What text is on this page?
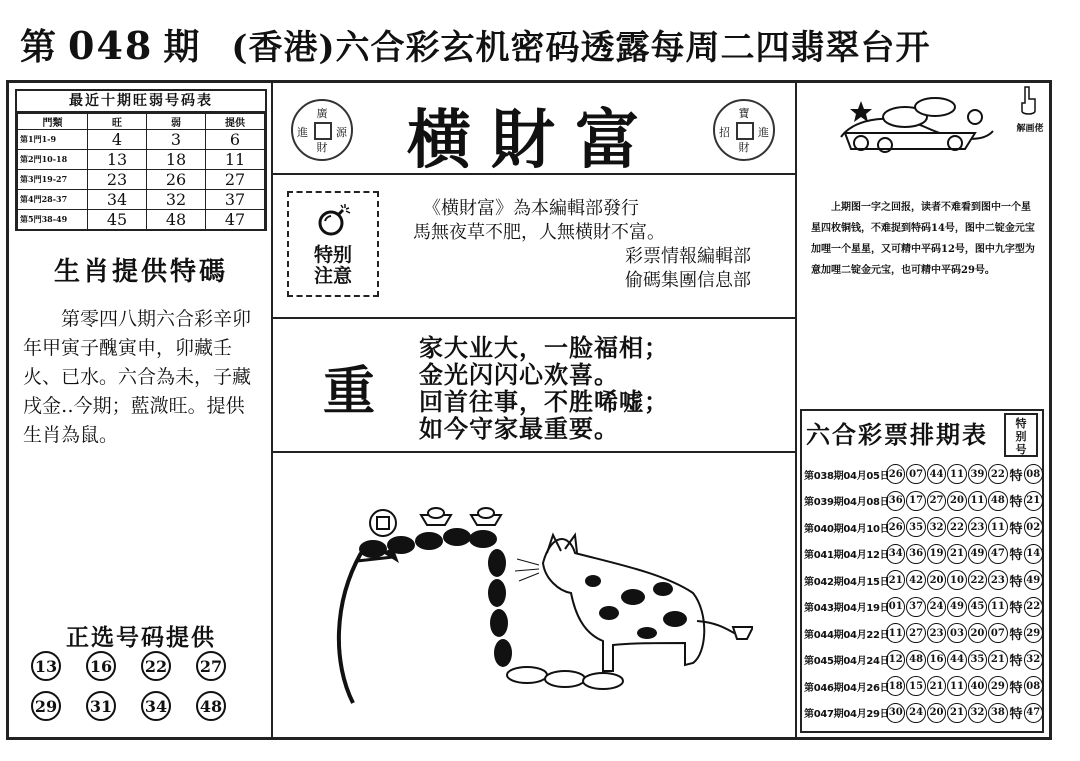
第 048 期 (香港)六合彩玄机密码透露每周二四翡翠台开
最近十期旺弱号码表
門類	旺	弱	提供
第1門1-9	4	3	6
第2門10-18	13	18	11
第3門19-27	23	26	27
第4門28-37	34	32	37
第5門38-49	45	48	47
生肖提供特碼
第零四八期六合彩辛卯年甲寅子醜寅申，卯藏壬火、已水。六合為未，子藏戌金‥今期；藍溦旺。提供生肖為鼠。
正选号码提供
13 16 22 27
29 31 34 48
廣
進	源
財	横財富	寶
招	進
財
特别
注意
《横財富》為本編輯部發行
馬無夜草不肥，人無横財不富。
彩票情報編輯部
偷碼集團信息部
重
家大业大，一脸福相；
金光闪闪心欢喜。
回首往事，不胜唏嘘；
如今守家最重要。
解画佬
上期图一字之回报，读者不难看到图中一个星星四枚铜钱，不难捉到特码14号，图中二锭金元宝加哩一个星星，又可精中平码12号，图中九字型为意加哩二锭金元宝，也可精中平码29号。
六合彩票排期表	特
别
号
第038期04月05日 26 07 44 11 39 22 特 08
第039期04月08日 36 17 27 20 11 48 特 21
第040期04月10日 26 35 32 22 23 11 特 02
第041期04月12日 34 36 19 21 49 47 特 14
第042期04月15日 21 42 20 10 22 23 特 49
第043期04月19日 01 37 24 49 45 11 特 22
第044期04月22日 11 27 23 03 20 07 特 29
第045期04月24日 12 48 16 44 35 21 特 32
第046期04月26日 18 15 21 11 40 29 特 08
第047期04月29日 30 24 20 21 32 38 特 47
